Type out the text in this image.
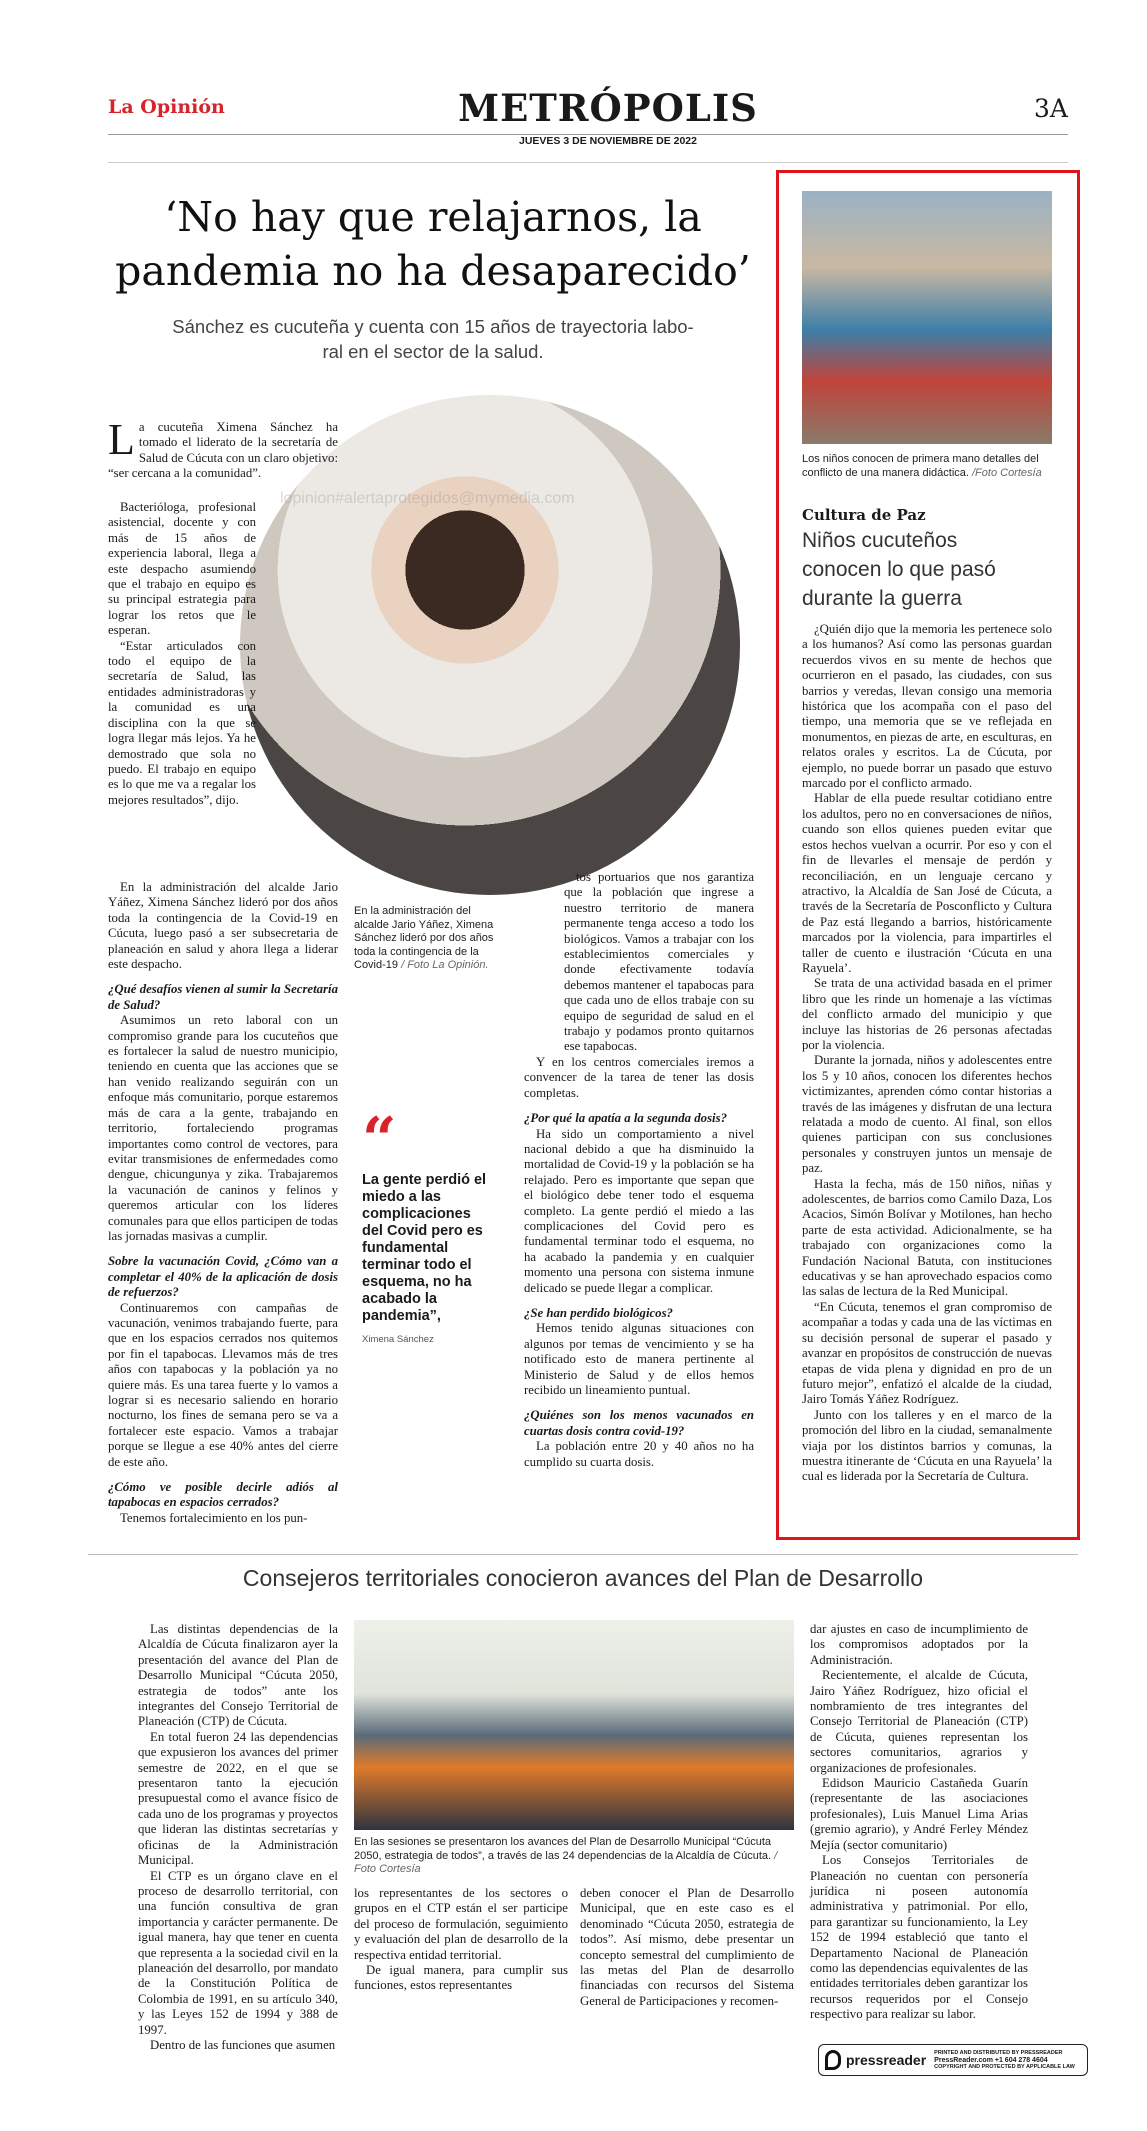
La Opinión	METRÓPOLIS
JUEVES 3 DE NOVIEMBRE DE 2022
3A
‘No hay que relajarnos, la
pandemia no ha desaparecido’
Sánchez es cucuteña y cuenta con 15 años de trayectoria labo-
ral en el sector de la salud.
lopinion#alertaprotegidos@mymedia.com

La cucuteña Ximena Sánchez ha tomado el liderato de la secretaría de Salud de Cúcuta con un claro objetivo: “ser cercana a la comunidad”.

Bacterióloga, profesional asistencial, docente y con más de 15 años de experiencia laboral, llega a este despacho asumiendo que el trabajo en equipo es su principal estrategia para lograr los retos que le esperan.

“Estar articulados con todo el equipo de la secretaría de Salud, las entidades administradoras y la comunidad es una disciplina con la que se logra llegar más lejos. Ya he demostrado que sola no puedo. El trabajo en equipo es lo que me va a regalar los mejores resultados”, dijo.

En la administración del alcalde Jario Yáñez, Ximena Sánchez lideró por dos años toda la contingencia de la Covid-19 en Cúcuta, luego pasó a ser subsecretaria de planeación en salud y ahora llega a liderar este despacho.

¿Qué desafíos vienen al sumir la Secretaría de Salud?

Asumimos un reto laboral con un compromiso grande para los cucuteños que es fortalecer la salud de nuestro municipio, teniendo en cuenta que las acciones que se han venido realizando seguirán con un enfoque más comunitario, porque estaremos más de cara a la gente, trabajando en territorio, fortaleciendo programas importantes como control de vectores, para evitar transmisiones de enfermedades como dengue, chicungunya y zika. Trabajaremos la vacunación de caninos y felinos y queremos articular con los líderes comunales para que ellos participen de todas las jornadas masivas a cumplir.

Sobre la vacunación Covid, ¿Cómo van a completar el 40% de la aplicación de dosis de refuerzos?

Continuaremos con campañas de vacunación, venimos trabajando fuerte, para que en los espacios cerrados nos quitemos por fin el tapabocas. Llevamos más de tres años con tapabocas y la población ya no quiere más. Es una tarea fuerte y lo vamos a lograr si es necesario saliendo en horario nocturno, los fines de semana pero se va a fortalecer este espacio. Vamos a trabajar porque se llegue a ese 40% antes del cierre de este año.

¿Cómo ve posible decirle adiós al tapabocas en espacios cerrados?

Tenemos fortalecimiento en los pun-

En la administración del alcalde Jario Yáñez, Ximena Sánchez lideró por dos años toda la contingencia de la Covid-19 / Foto La Opinión.
“
La gente perdió el miedo a las complicaciones del Covid pero es fundamental terminar todo el esquema, no ha acabado la pandemia”,
Ximena Sánchez

tos portuarios que nos garantiza que la población que ingrese a nuestro territorio de manera permanente tenga acceso a todo los biológicos. Vamos a trabajar con los establecimientos comerciales y donde efectivamente todavía debemos mantener el tapabocas para que cada uno de ellos trabaje con su equipo de seguridad de salud en el trabajo y podamos pronto quitarnos ese tapabocas.

Y en los centros comerciales iremos a convencer de la tarea de tener las dosis completas.

¿Por qué la apatía a la segunda dosis?

Ha sido un comportamiento a nivel nacional debido a que ha disminuido la mortalidad de Covid-19 y la población se ha relajado. Pero es importante que sepan que el biológico debe tener todo el esquema completo. La gente perdió el miedo a las complicaciones del Covid pero es fundamental terminar todo el esquema, no ha acabado la pandemia y en cualquier momento una persona con sistema inmune delicado se puede llegar a complicar.

¿Se han perdido biológicos?

Hemos tenido algunas situaciones con algunos por temas de vencimiento y se ha notificado esto de manera pertinente al Ministerio de Salud y de ellos hemos recibido un lineamiento puntual.

¿Quiénes son los menos vacunados en cuartas dosis contra covid-19?

La población entre 20 y 40 años no ha cumplido su cuarta dosis.

Los niños conocen de primera mano detalles del conflicto de una manera didáctica. /Foto Cortesía
Cultura de Paz
Niños cucuteños
conocen lo que pasó
durante la guerra

¿Quién dijo que la memoria les pertenece solo a los humanos? Así como las personas guardan recuerdos vivos en su mente de hechos que ocurrieron en el pasado, las ciudades, con sus barrios y veredas, llevan consigo una memoria histórica que los acompaña con el paso del tiempo, una memoria que se ve reflejada en monumentos, en piezas de arte, en esculturas, en relatos orales y escritos. La de Cúcuta, por ejemplo, no puede borrar un pasado que estuvo marcado por el conflicto armado.

Hablar de ella puede resultar cotidiano entre los adultos, pero no en conversaciones de niños, cuando son ellos quienes pueden evitar que estos hechos vuelvan a ocurrir. Por eso y con el fin de llevarles el mensaje de perdón y reconciliación, en un lenguaje cercano y atractivo, la Alcaldía de San José de Cúcuta, a través de la Secretaría de Posconflicto y Cultura de Paz está llegando a barrios, históricamente marcados por la violencia, para impartirles el taller de cuento e ilustración ‘Cúcuta en una Rayuela’.

Se trata de una actividad basada en el primer libro que les rinde un homenaje a las víctimas del conflicto armado del municipio y que incluye las historias de 26 personas afectadas por la violencia.

Durante la jornada, niños y adolescentes entre los 5 y 10 años, conocen los diferentes hechos victimizantes, aprenden cómo contar historias a través de las imágenes y disfrutan de una lectura relatada a modo de cuento. Al final, son ellos quienes participan con sus conclusiones personales y construyen juntos un mensaje de paz.

Hasta la fecha, más de 150 niños, niñas y adolescentes, de barrios como Camilo Daza, Los Acacios, Simón Bolívar y Motilones, han hecho parte de esta actividad. Adicionalmente, se ha trabajado con organizaciones como la Fundación Nacional Batuta, con instituciones educativas y se han aprovechado espacios como las salas de lectura de la Red Municipal.

“En Cúcuta, tenemos el gran compromiso de acompañar a todas y cada una de las víctimas en su decisión personal de superar el pasado y avanzar en propósitos de construcción de nuevas etapas de vida plena y dignidad en pro de un futuro mejor”, enfatizó el alcalde de la ciudad, Jairo Tomás Yáñez Rodríguez.

Junto con los talleres y en el marco de la promoción del libro en la ciudad, semanalmente viaja por los distintos barrios y comunas, la muestra itinerante de ‘Cúcuta en una Rayuela’ la cual es liderada por la Secretaría de Cultura.

Consejeros territoriales conocieron avances del Plan de Desarrollo

Las distintas dependencias de la Alcaldía de Cúcuta finalizaron ayer la presentación del avance del Plan de Desarrollo Municipal “Cúcuta 2050, estrategia de todos” ante los integrantes del Consejo Territorial de Planeación (CTP) de Cúcuta.

En total fueron 24 las dependencias que expusieron los avances del primer semestre de 2022, en el que se presentaron tanto la ejecución presupuestal como el avance físico de cada uno de los programas y proyectos que lideran las distintas secretarías y oficinas de la Administración Municipal.

El CTP es un órgano clave en el proceso de desarrollo territorial, con una función consultiva de gran importancia y carácter permanente. De igual manera, hay que tener en cuenta que representa a la sociedad civil en la planeación del desarrollo, por mandato de la Constitución Política de Colombia de 1991, en su artículo 340, y las Leyes 152 de 1994 y 388 de 1997.

Dentro de las funciones que asumen

En las sesiones se presentaron los avances del Plan de Desarrollo Municipal “Cúcuta 2050, estrategia de todos”, a través de las 24 dependencias de la Alcaldía de Cúcuta. / Foto Cortesía

los representantes de los sectores o grupos en el CTP están el ser participe del proceso de formulación, seguimiento y evaluación del plan de desarrollo de la respectiva entidad territorial.

De igual manera, para cumplir sus funciones, estos representantes

deben conocer el Plan de Desarrollo Municipal, que en este caso es el denominado “Cúcuta 2050, estrategia de todos”. Así mismo, debe presentar un concepto semestral del cumplimiento de las metas del Plan de desarrollo financiadas con recursos del Sistema General de Participaciones y recomen-

dar ajustes en caso de incumplimiento de los compromisos adoptados por la Administración.

Recientemente, el alcalde de Cúcuta, Jairo Yáñez Rodríguez, hizo oficial el nombramiento de tres integrantes del Consejo Territorial de Planeación (CTP) de Cúcuta, quienes representan los sectores comunitarios, agrarios y organizaciones de profesionales.

Edidson Mauricio Castañeda Guarín (representante de las asociaciones profesionales), Luis Manuel Lima Arias (gremio agrario), y André Ferley Méndez Mejía (sector comunitario)

Los Consejos Territoriales de Planeación no cuentan con personería jurídica ni poseen autonomía administrativa y patrimonial. Por ello, para garantizar su funcionamiento, la Ley 152 de 1994 estableció que tanto el Departamento Nacional de Planeación como las dependencias equivalentes de las entidades territoriales deben garantizar los recursos requeridos por el Consejo respectivo para realizar su labor.

pressreader PRINTED AND DISTRIBUTED BY PRESSREADER
PressReader.com +1 604 278 4604
COPYRIGHT AND PROTECTED BY APPLICABLE LAW
